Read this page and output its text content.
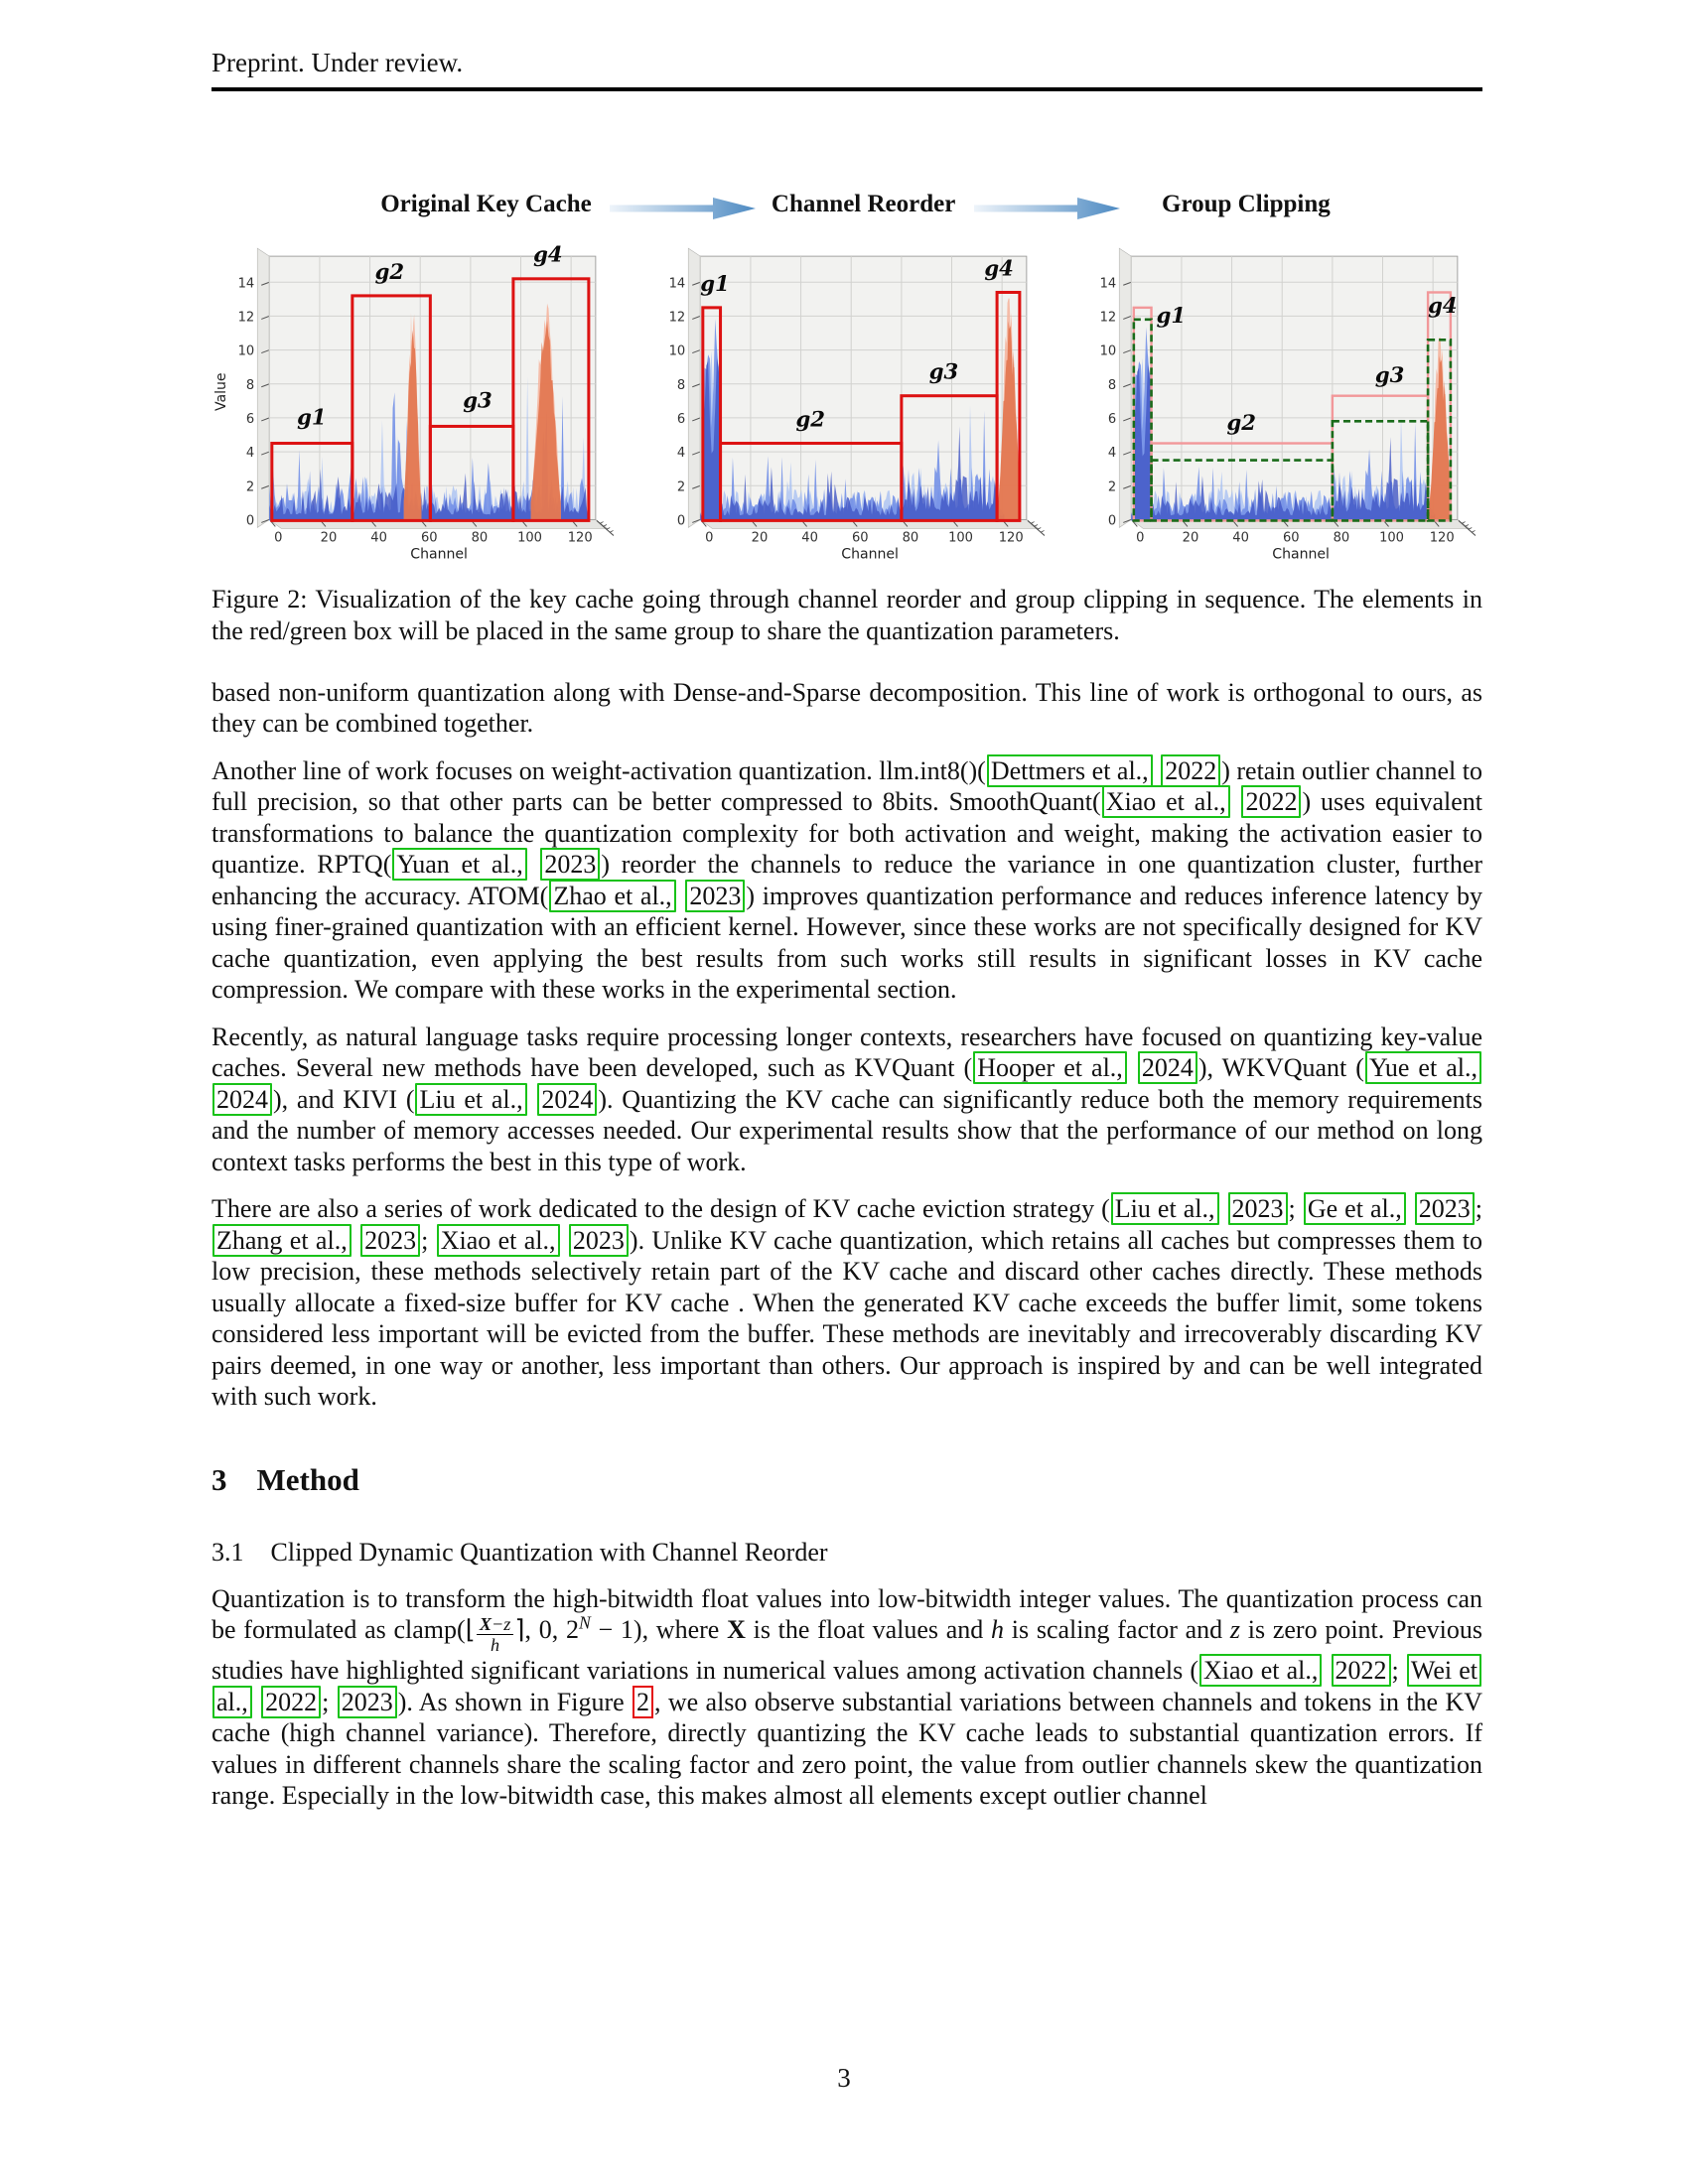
Preprint. Under review.
Original Key Cache	Channel Reorder	Group Clipping
0
2
4
6
8
10
12
14
0	20	40	60	80 100 120
Channel
Value
g1
g2
g3
g4
0
2
4
6
8
10
12
14
0	20	40	60	80 100 120
Channel
g1
g2
g3
g4
0
2
4
6
8
10
12
14
0	20	40	60	80 100 120
Channel
g1
g2
g3
g4
Figure 2: Visualization of the key cache going through channel reorder and group clipping in sequence. The elements in the red/green box will be placed in the same group to share the quantization parameters.

based non-uniform quantization along with Dense-and-Sparse decomposition. This line of work is orthogonal to ours, as they can be combined together.

Another line of work focuses on weight-activation quantization. llm.int8()( Dettmers et al., 2022 ) retain outlier channel to full precision, so that other parts can be better compressed to 8bits. SmoothQuant( Xiao et al., 2022 ) uses equivalent transformations to balance the quantization complexity for both activation and weight, making the activation easier to quantize. RPTQ( Yuan et al., 2023 ) reorder the channels to reduce the variance in one quantization cluster, further enhancing the accuracy. ATOM( Zhao et al., 2023 ) improves quantization performance and reduces inference latency by using finer-grained quantization with an efficient kernel. However, since these works are not specifically designed for KV cache quantization, even applying the best results from such works still results in significant losses in KV cache compression. We compare with these works in the experimental section.

Recently, as natural language tasks require processing longer contexts, researchers have focused on quantizing key-value caches. Several new methods have been developed, such as KVQuant ( Hooper et al., 2024 ), WKVQuant ( Yue et al., 2024 ), and KIVI ( Liu et al., 2024 ). Quantizing the KV cache can significantly reduce both the memory requirements and the number of memory accesses needed. Our experimental results show that the performance of our method on long context tasks performs the best in this type of work.

There are also a series of work dedicated to the design of KV cache eviction strategy ( Liu et al., 2023 ; Ge et al., 2023 ; Zhang et al., 2023 ; Xiao et al., 2023 ). Unlike KV cache quantization, which retains all caches but compresses them to low precision, these methods selectively retain part of the KV cache and discard other caches directly. These methods usually allocate a fixed-size buffer for KV cache . When the generated KV cache exceeds the buffer limit, some tokens considered less important will be evicted from the buffer. These methods are inevitably and irrecoverably discarding KV pairs deemed, in one way or another, less important than others. Our approach is inspired by and can be well integrated with such work.

3 Method
3.1 Clipped Dynamic Quantization with Channel Reorder

Quantization is to transform the high-bitwidth float values into low-bitwidth integer values. The quantization process can be formulated as clamp(⌊ $\frac{X-z}{h}$ ⌉, 0, $2^N - 1$), where X is the float values and h is scaling factor and z is zero point. Previous studies have highlighted significant variations in numerical values among activation channels ( Xiao et al., 2022 ; Wei et al., 2022 ; 2023 ). As shown in Figure 2 , we also observe substantial variations between channels and tokens in the KV cache (high channel variance). Therefore, directly quantizing the KV cache leads to substantial quantization errors. If values in different channels share the scaling factor and zero point, the value from outlier channels skew the quantization range. Especially in the low-bitwidth case, this makes almost all elements except outlier channel

3
